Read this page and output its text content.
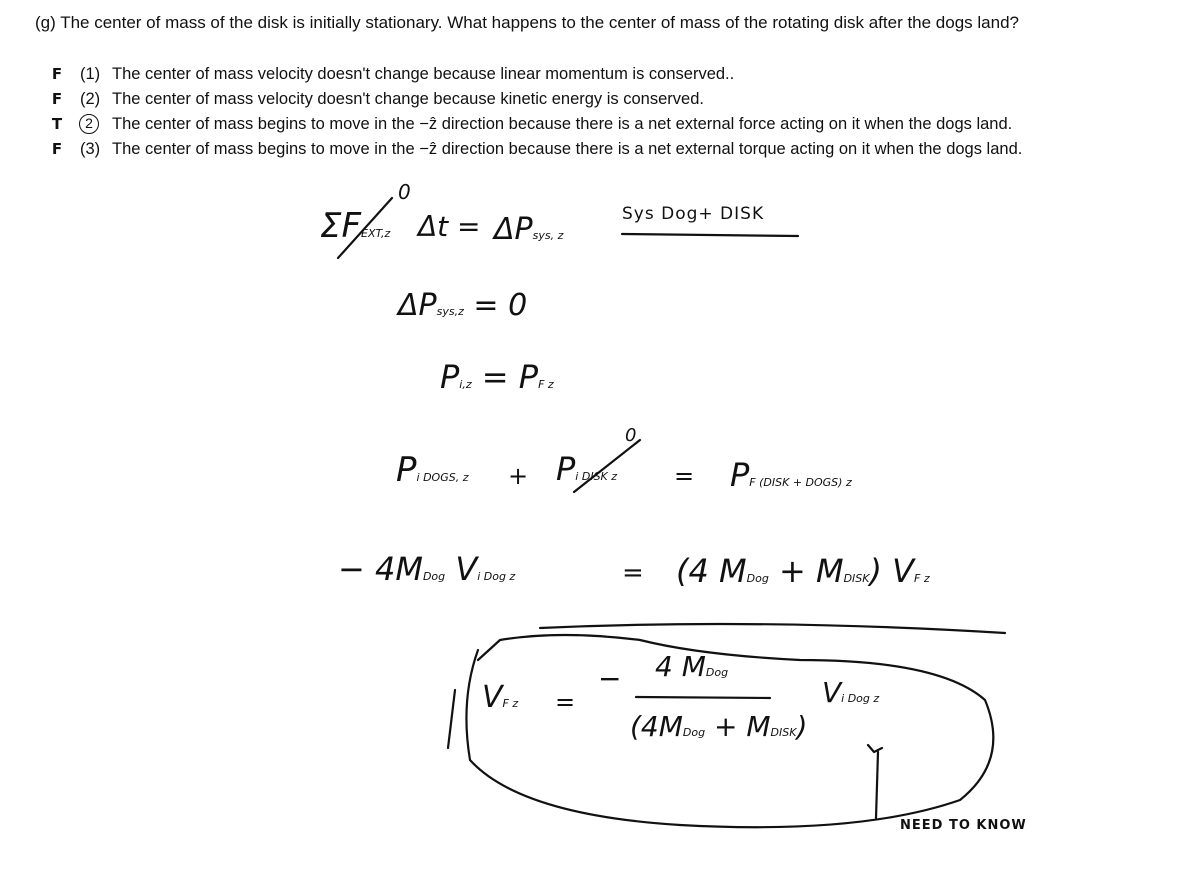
(g) The center of mass of the disk is initially stationary. What happens to the center of mass of the rotating disk after the dogs land?
F (1) The center of mass velocity doesn't change because linear momentum is conserved..
F (2) The center of mass velocity doesn't change because kinetic energy is conserved.
T	2	The center of mass begins to move in the −ẑ direction because there is a net external force acting on it when the dogs land.
F (3) The center of mass begins to move in the −ẑ direction because there is a net external torque acting on it when the dogs land.
Sys Dog+ DISK
0
ΣFEXT,z Δt = ΔPsys, z
ΔPsys,z = 0
Pi,z = PF z
0
Pi DOGS, z + Pi DISK z = PF (DISK + DOGS) z
− 4MDog Vi Dog z	= (4 MDog + MDISK) VF z
VF z =
− 4 MDog
(4MDog + MDISK)
Vi Dog z
NEED TO KNOW
